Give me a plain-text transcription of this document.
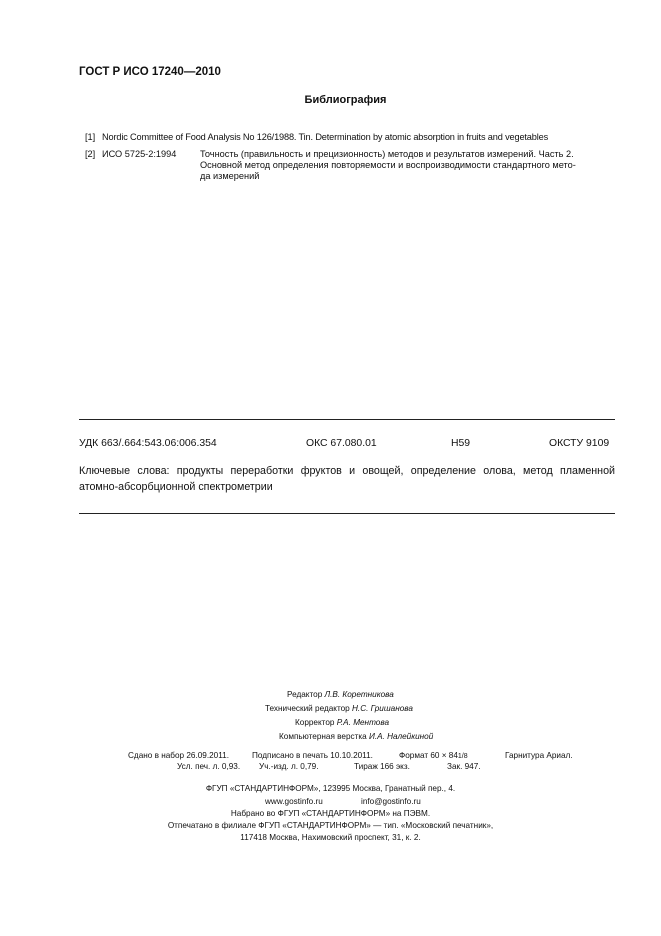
ГОСТ Р ИСО 17240—2010
Библиография
[1] Nordic Committee of Food Analysis No 126/1988. Tin. Determination by atomic absorption in fruits and vegetables
[2] ИСО 5725-2:1994	Точность (правильность и прецизионность) методов и результатов измерений. Часть 2.
Основной метод определения повторяемости и воспроизводимости стандартного мето-
да измерений
УДК 663/.664:543.06:006.354	ОКС 67.080.01	Н59	ОКСТУ 9109
Ключевые слова: продукты переработки фруктов и овощей, определение олова, метод пламенной
атомно-абсорбционной спектрометрии
Редактор Л.В. Коретникова
Технический редактор Н.С. Гришанова
Корректор Р.А. Ментова
Компьютерная верстка И.А. Налейкиной
Сдано в набор 26.09.2011.	Подписано в печать 10.10.2011.	Формат 60 × 841/8	Гарнитура Ариал.
Усл. печ. л. 0,93. Уч.-изд. л. 0,79.	Тираж 166 экз.	Зак. 947.
ФГУП «СТАНДАРТИНФОРМ», 123995 Москва, Гранатный пер., 4.
www.gostinfo.ru	info@gostinfo.ru
Набрано во ФГУП «СТАНДАРТИНФОРМ» на ПЭВМ.
Отпечатано в филиале ФГУП «СТАНДАРТИНФОРМ» — тип. «Московский печатник»,
117418 Москва, Нахимовский проспект, 31, к. 2.
